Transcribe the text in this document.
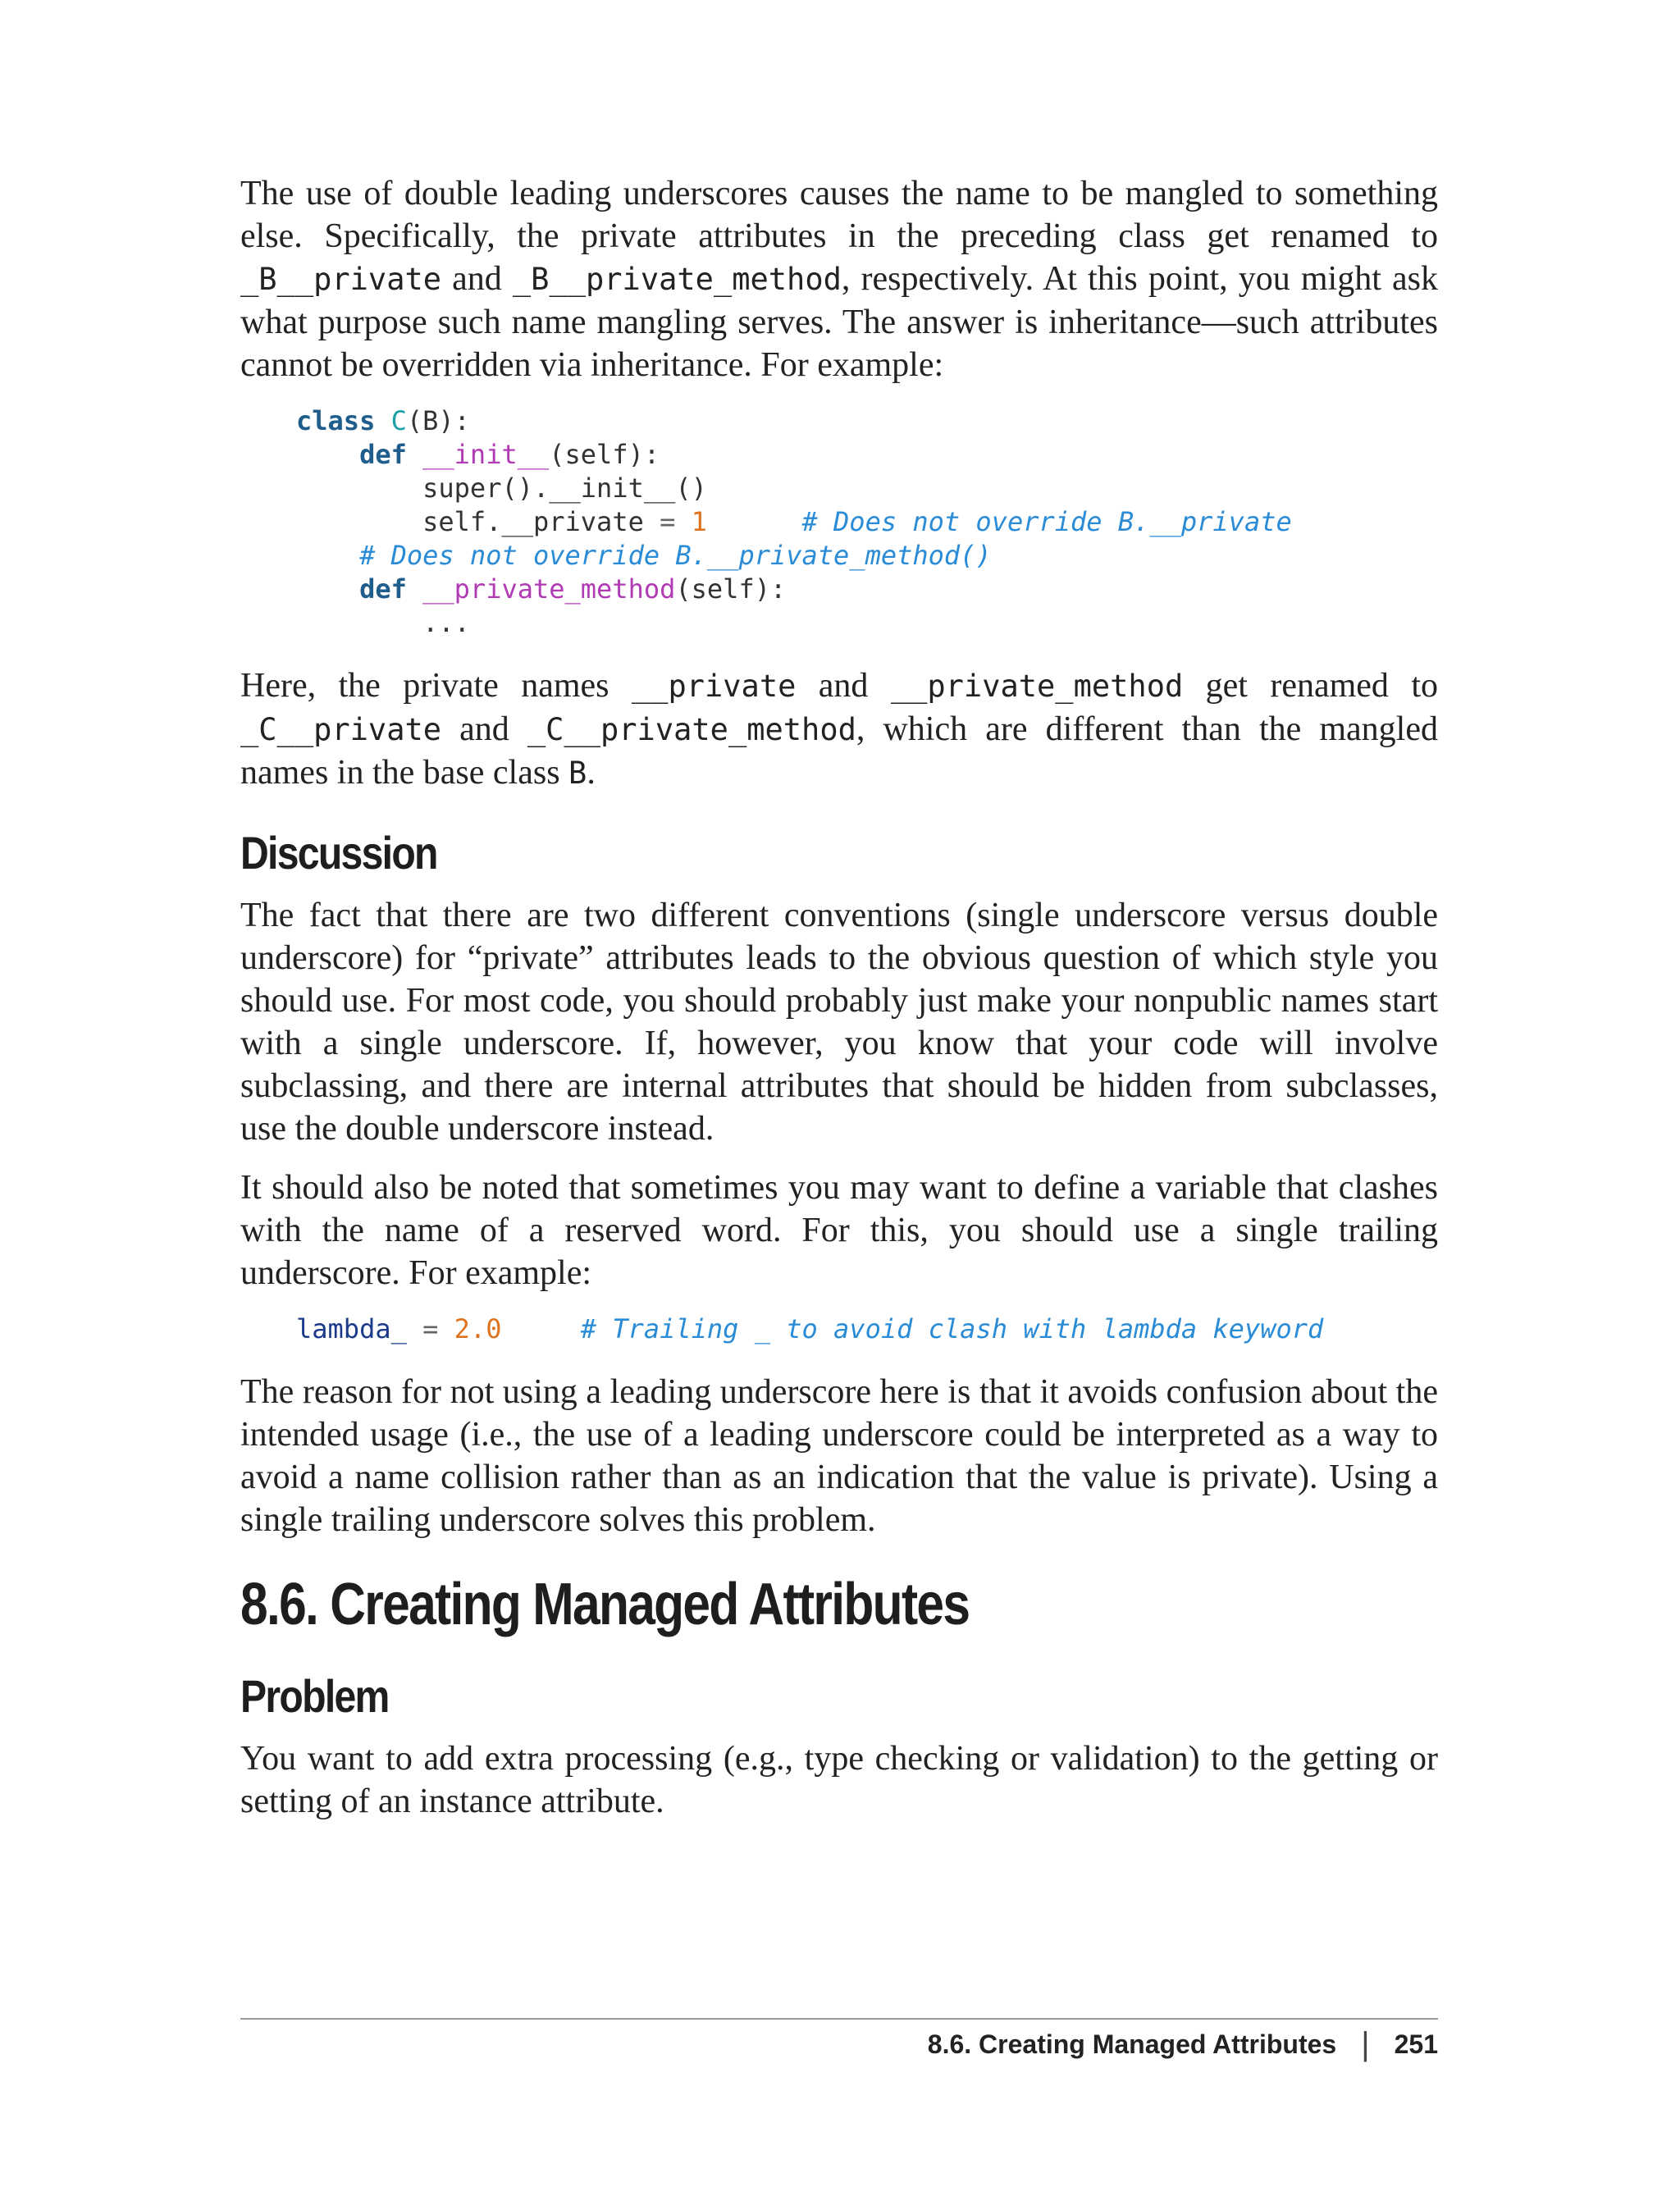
The use of double leading underscores causes the name to be mangled to something else. Specifically, the private attributes in the preceding class get renamed to _B__private and _B__private_method, respectively. At this point, you might ask what purpose such name mangling serves. The answer is inheritance—such attributes cannot be overridden via inheritance. For example:

class C(B):
def __init__(self):
super().__init__()
self.__private = 1	# Does not override B.__private
# Does not override B.__private_method()
def __private_method(self):
...

Here, the private names __private and __private_method get renamed to _C__private and _C__private_method, which are different than the mangled names in the base class B.

Discussion

The fact that there are two different conventions (single underscore versus double underscore) for “private” attributes leads to the obvious question of which style you should use. For most code, you should probably just make your nonpublic names start with a single underscore. If, however, you know that your code will involve subclassing, and there are internal attributes that should be hidden from subclasses, use the double underscore instead.

It should also be noted that sometimes you may want to define a variable that clashes with the name of a reserved word. For this, you should use a single trailing underscore. For example:

lambda_ = 2.0	# Trailing _ to avoid clash with lambda keyword

The reason for not using a leading underscore here is that it avoids confusion about the intended usage (i.e., the use of a leading underscore could be interpreted as a way to avoid a name collision rather than as an indication that the value is private). Using a single trailing underscore solves this problem.

8.6. Creating Managed Attributes
Problem

You want to add extra processing (e.g., type checking or validation) to the getting or setting of an instance attribute.

8.6. Creating Managed Attributes | 251
